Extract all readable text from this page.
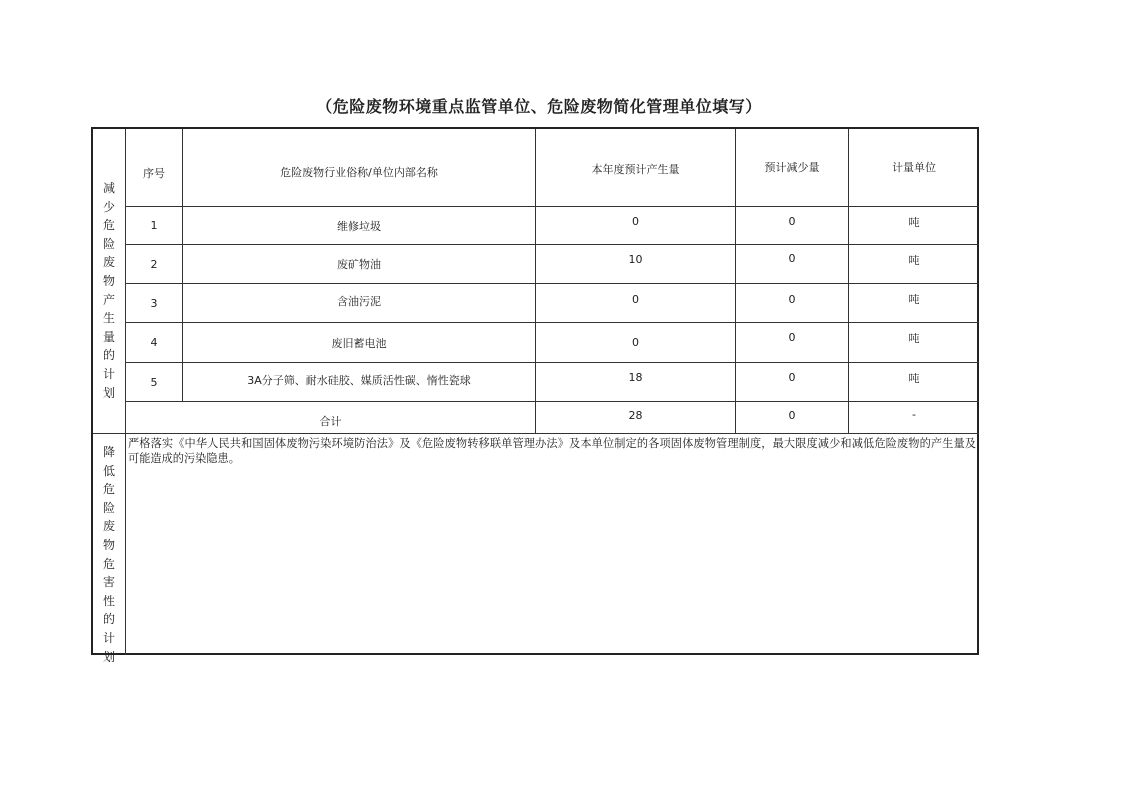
（危险废物环境重点监管单位、危险废物简化管理单位填写）
减
少
危
险
废
物
产
生
量
的
计
划
降
低
危
险
废
物
危
害
性
的
计
划
序号	危险废物行业俗称/单位内部名称	本年度预计产生量	预计减少量	计量单位
1	维修垃圾	0	0	吨
2	废矿物油	10	0	吨
3	含油污泥	0	0	吨
4	废旧蓄电池	0	0	吨
5	3A分子筛、耐水硅胶、媒质活性碳、惰性瓷球	18	0	吨
合计	28	0	-
严格落实《中华人民共和国固体废物污染环境防治法》及《危险废物转移联单管理办法》及本单位制定的各项固体废物管理制度，最大限度减少和减低危险废物的产生量及可能造成的污染隐患。
